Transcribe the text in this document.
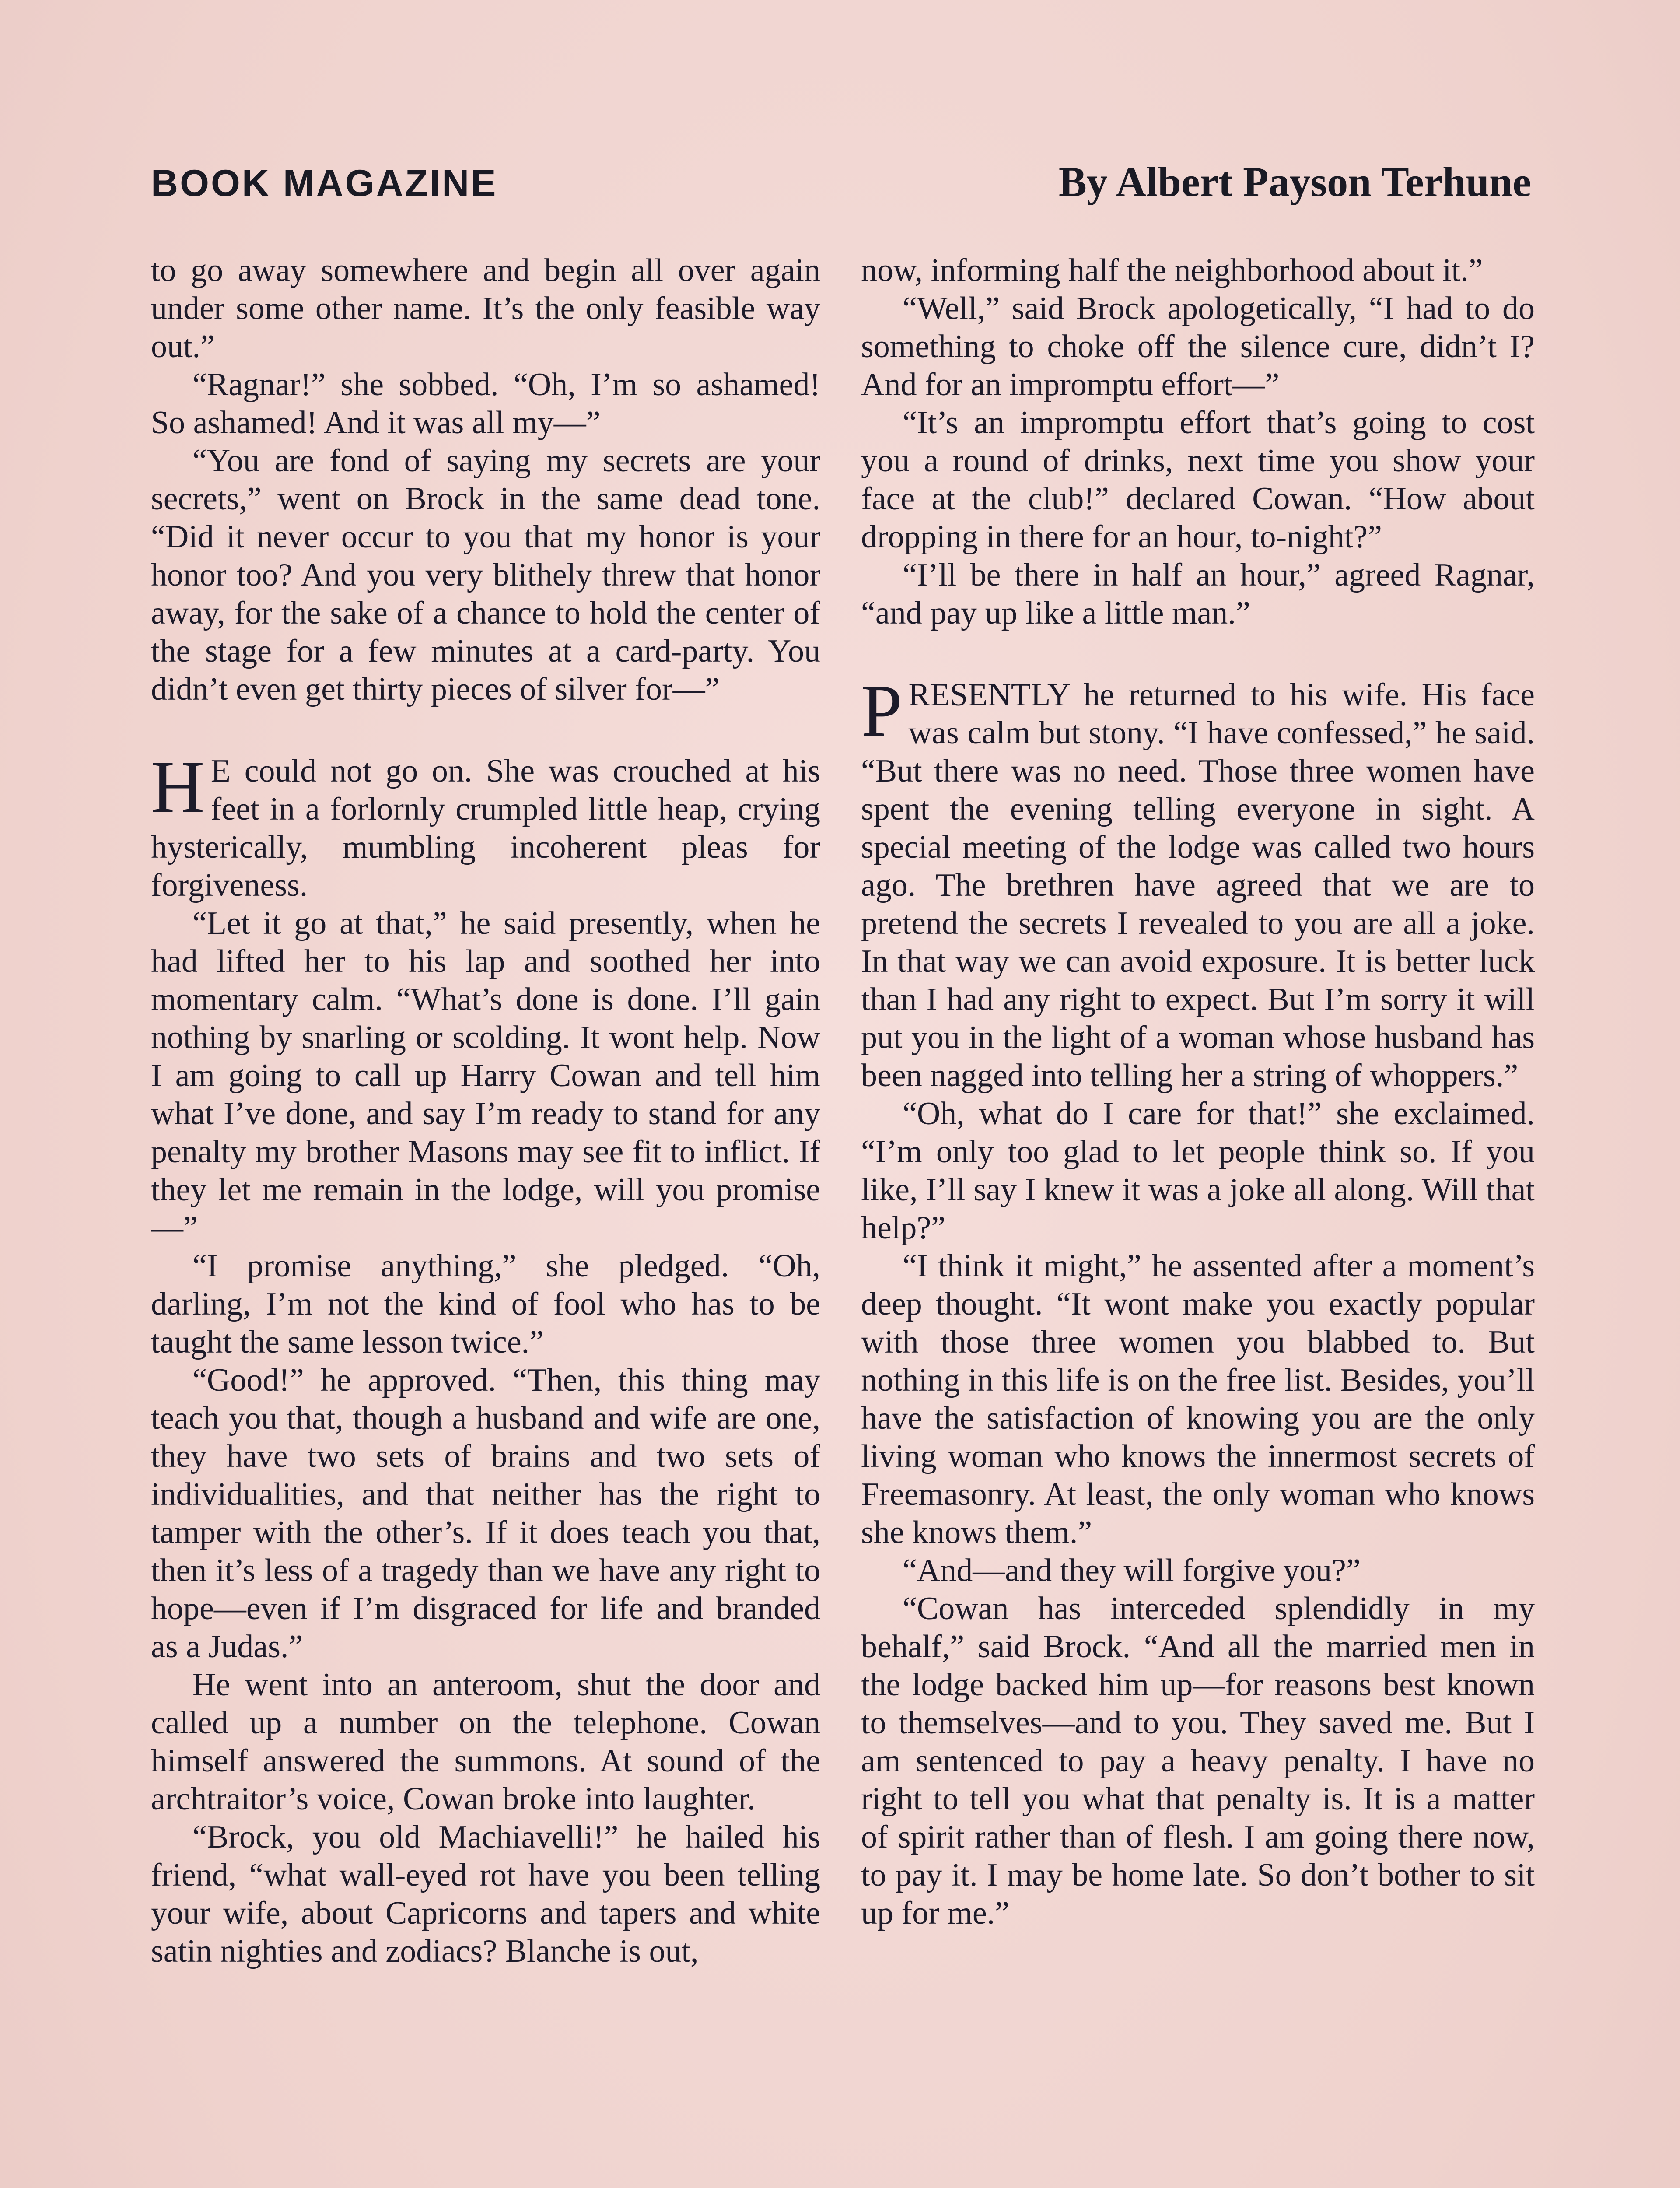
BOOK MAGAZINE	By Albert Payson Terhune

to go away somewhere and begin all over again under some other name. It’s the only feasible way out.”

“Ragnar!” she sobbed. “Oh, I’m so ashamed! So ashamed! And it was all my—”

“You are fond of saying my secrets are your secrets,” went on Brock in the same dead tone. “Did it never occur to you that my honor is your honor too? And you very blithely threw that honor away, for the sake of a chance to hold the center of the stage for a few minutes at a card-party. You didn’t even get thirty pieces of silver for—”

H E could not go on. She was crouched at his feet in a forlornly crumpled little heap, crying hysterically, mumbling incoherent pleas for forgiveness.

“Let it go at that,” he said presently, when he had lifted her to his lap and soothed her into momentary calm. “What’s done is done. I’ll gain nothing by snarling or scolding. It wont help. Now I am going to call up Harry Cowan and tell him what I’ve done, and say I’m ready to stand for any penalty my brother Masons may see fit to inflict. If they let me remain in the lodge, will you promise—”

“I promise anything,” she pledged. “Oh, darling, I’m not the kind of fool who has to be taught the same lesson twice.”

“Good!” he approved. “Then, this thing may teach you that, though a husband and wife are one, they have two sets of brains and two sets of individualities, and that neither has the right to tamper with the other’s. If it does teach you that, then it’s less of a tragedy than we have any right to hope—even if I’m disgraced for life and branded as a Judas.”

He went into an anteroom, shut the door and called up a number on the telephone. Cowan himself answered the summons. At sound of the archtraitor’s voice, Cowan broke into laughter.

“Brock, you old Machiavelli!” he hailed his friend, “what wall-eyed rot have you been telling your wife, about Capricorns and tapers and white satin nighties and zodiacs? Blanche is out,

now, informing half the neighborhood about it.”

“Well,” said Brock apologetically, “I had to do something to choke off the silence cure, didn’t I? And for an impromptu effort—”

“It’s an impromptu effort that’s going to cost you a round of drinks, next time you show your face at the club!” declared Cowan. “How about dropping in there for an hour, to-night?”

“I’ll be there in half an hour,” agreed Ragnar, “and pay up like a little man.”

PRESENTLY he returned to his wife. His face was calm but stony. “I have confessed,” he said. “But there was no need. Those three women have spent the evening telling everyone in sight. A special meeting of the lodge was called two hours ago. The brethren have agreed that we are to pretend the secrets I revealed to you are all a joke. In that way we can avoid exposure. It is better luck than I had any right to expect. But I’m sorry it will put you in the light of a woman whose husband has been nagged into telling her a string of whoppers.”

“Oh, what do I care for that!” she exclaimed. “I’m only too glad to let people think so. If you like, I’ll say I knew it was a joke all along. Will that help?”

“I think it might,” he assented after a moment’s deep thought. “It wont make you exactly popular with those three women you blabbed to. But nothing in this life is on the free list. Besides, you’ll have the satisfaction of knowing you are the only living woman who knows the innermost secrets of Freemasonry. At least, the only woman who knows she knows them.”

“And—and they will forgive you?”

“Cowan has interceded splendidly in my behalf,” said Brock. “And all the married men in the lodge backed him up—for reasons best known to themselves—and to you. They saved me. But I am sentenced to pay a heavy penalty. I have no right to tell you what that penalty is. It is a matter of spirit rather than of flesh. I am going there now, to pay it. I may be home late. So don’t bother to sit up for me.”
